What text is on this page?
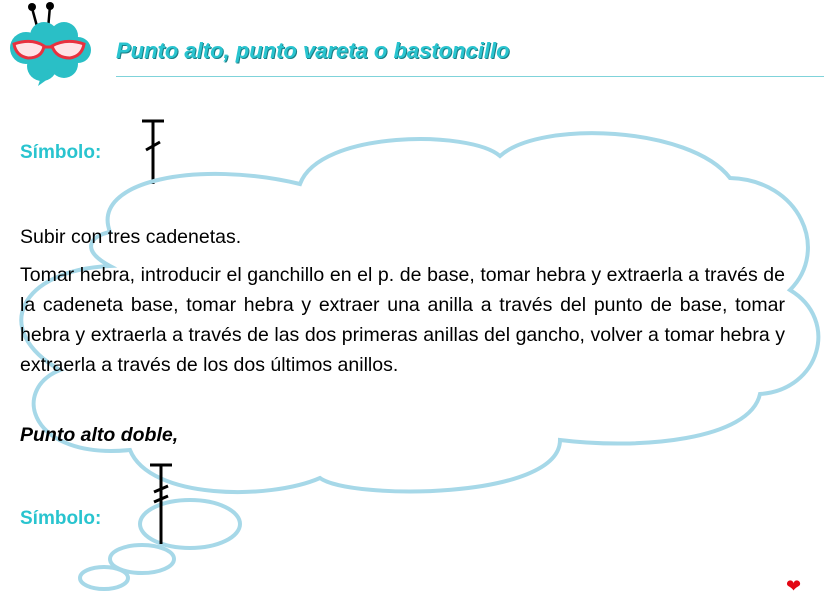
Punto alto, punto vareta o bastoncillo
Símbolo:

Subir con tres cadenetas.

Tomar hebra, introducir el ganchillo en el p. de base, tomar hebra y extraerla a través de la cadeneta base, tomar hebra y extraer una anilla a través del punto de base, tomar hebra y extraerla a través de las dos primeras anillas del gancho, volver a tomar hebra y extraerla a través de los dos últimos anillos.

Punto alto doble,

Símbolo:
❤
